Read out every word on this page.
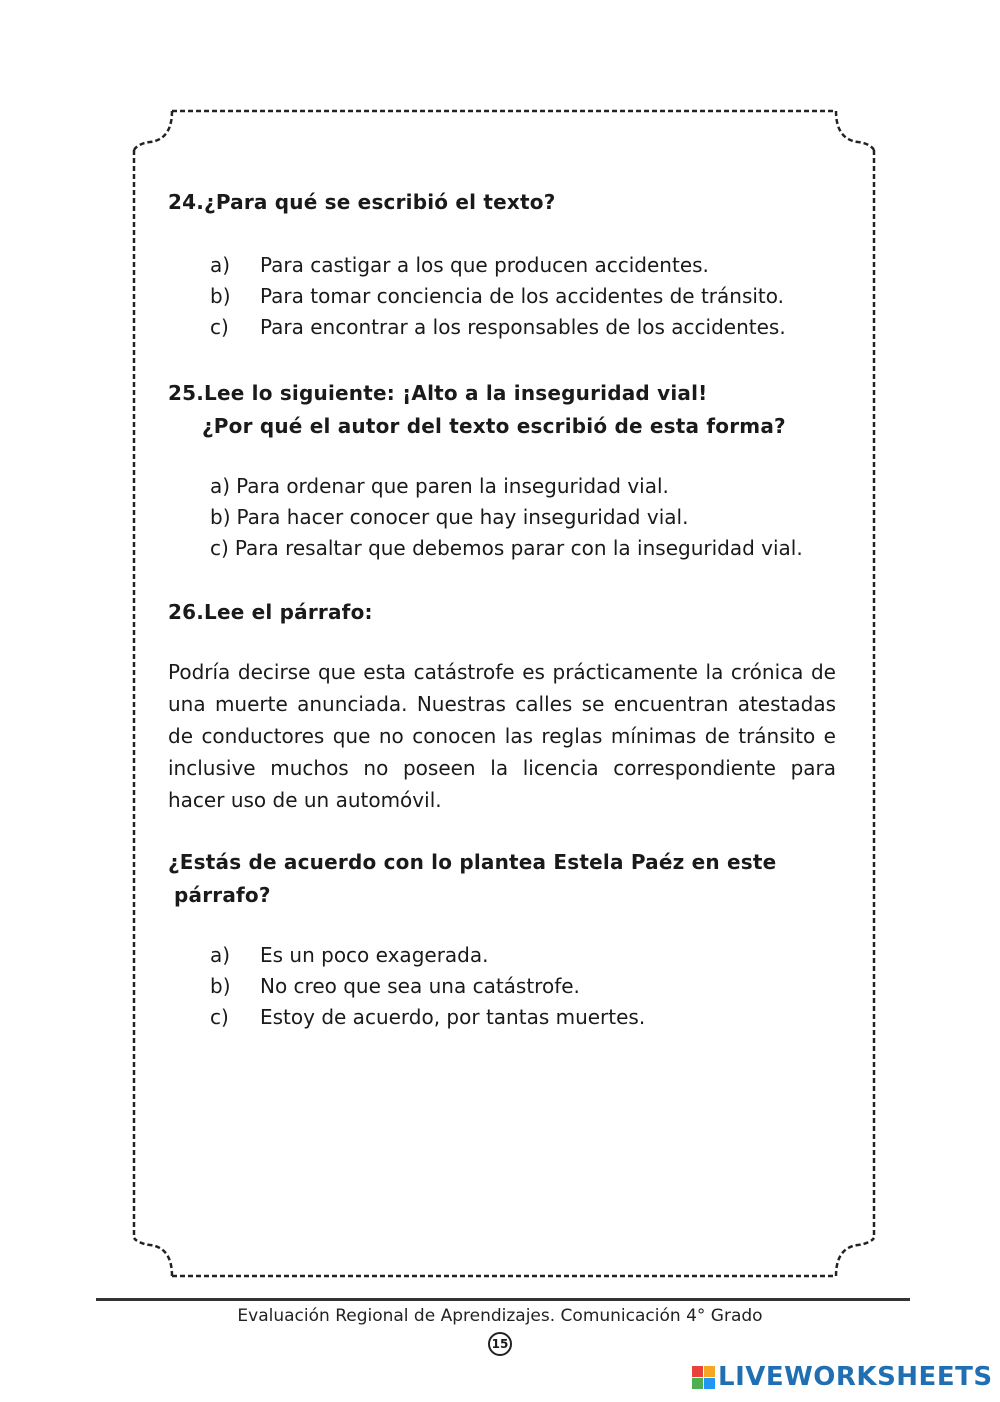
24.¿Para qué se escribió el texto?

a)	Para castigar a los que producen accidentes.
b)	Para tomar conciencia de los accidentes de tránsito.
c)	Para encontrar a los responsables de los accidentes.

25.Lee lo siguiente: ¡Alto a la inseguridad vial!
¿Por qué el autor del texto escribió de esta forma?

a) Para ordenar que paren la inseguridad vial.
b) Para hacer conocer que hay inseguridad vial.
c) Para resaltar que debemos parar con la inseguridad vial.

26.Lee el párrafo:

Podría decirse que esta catástrofe es prácticamente la crónica de una muerte anunciada. Nuestras calles se encuentran atestadas de conductores que no conocen las reglas mínimas de tránsito e inclusive muchos no poseen la licencia correspondiente para hacer uso de un automóvil.

¿Estás de acuerdo con lo plantea Estela Paéz en este
párrafo?

a)	Es un poco exagerada.
b)	No creo que sea una catástrofe.
c)	Estoy de acuerdo, por tantas muertes.
Evaluación Regional de Aprendizajes. Comunicación 4° Grado
15
LIVEWORKSHEETS
